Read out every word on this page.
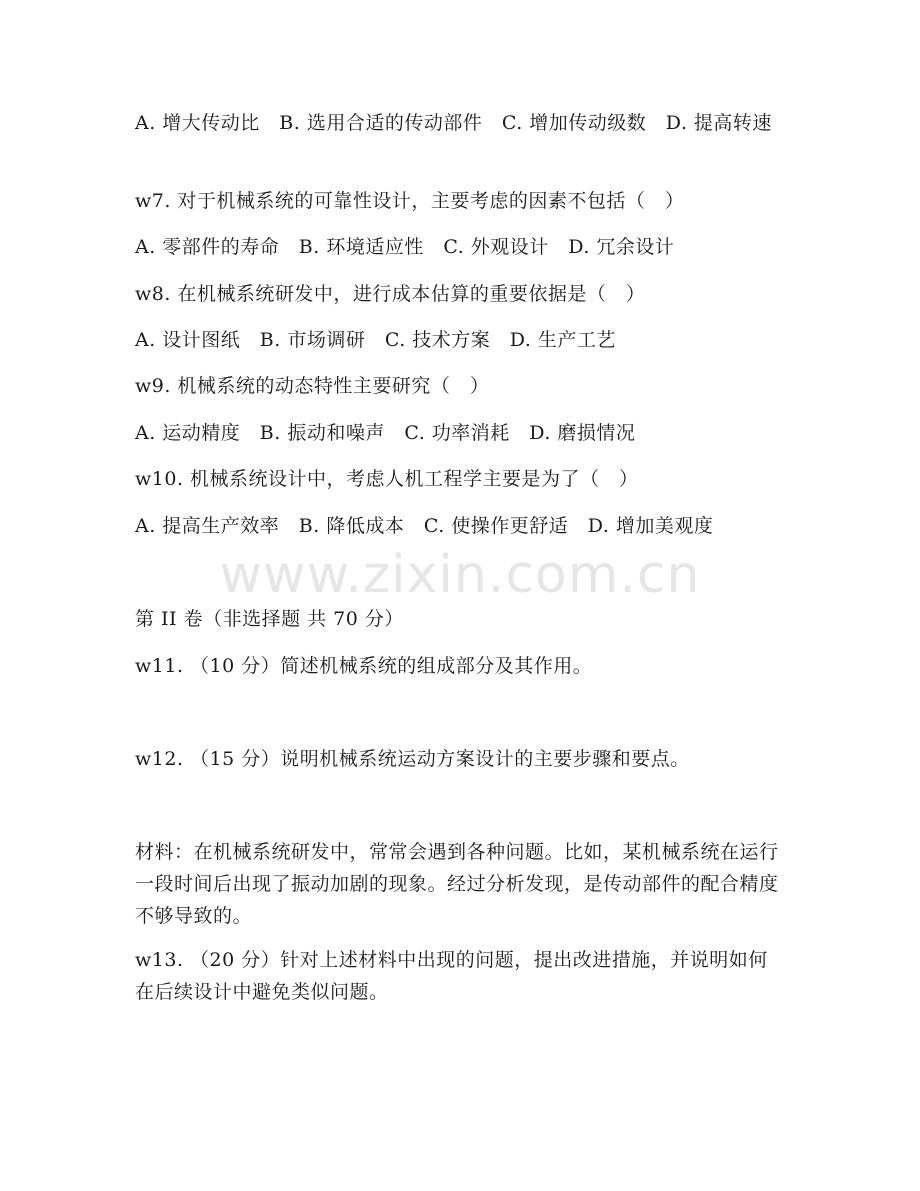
A. 增大传动比　B. 选用合适的传动部件　C. 增加传动级数　D. 提高转速
w7. 对于机械系统的可靠性设计，主要考虑的因素不包括（　）
A. 零部件的寿命　B. 环境适应性　C. 外观设计　D. 冗余设计
w8. 在机械系统研发中，进行成本估算的重要依据是（　）
A. 设计图纸　B. 市场调研　C. 技术方案　D. 生产工艺
w9. 机械系统的动态特性主要研究（　）
A. 运动精度　B. 振动和噪声　C. 功率消耗　D. 磨损情况
w10. 机械系统设计中，考虑人机工程学主要是为了（　）
A. 提高生产效率　B. 降低成本　C. 使操作更舒适　D. 增加美观度
www.zixin.com.cn
第 II 卷（非选择题 共 70 分）
w11. （10 分）简述机械系统的组成部分及其作用。
w12. （15 分）说明机械系统运动方案设计的主要步骤和要点。
材料：在机械系统研发中，常常会遇到各种问题。比如，某机械系统在运行一段时间后出现了振动加剧的现象。经过分析发现，是传动部件的配合精度不够导致的。
w13. （20 分）针对上述材料中出现的问题，提出改进措施，并说明如何在后续设计中避免类似问题。
